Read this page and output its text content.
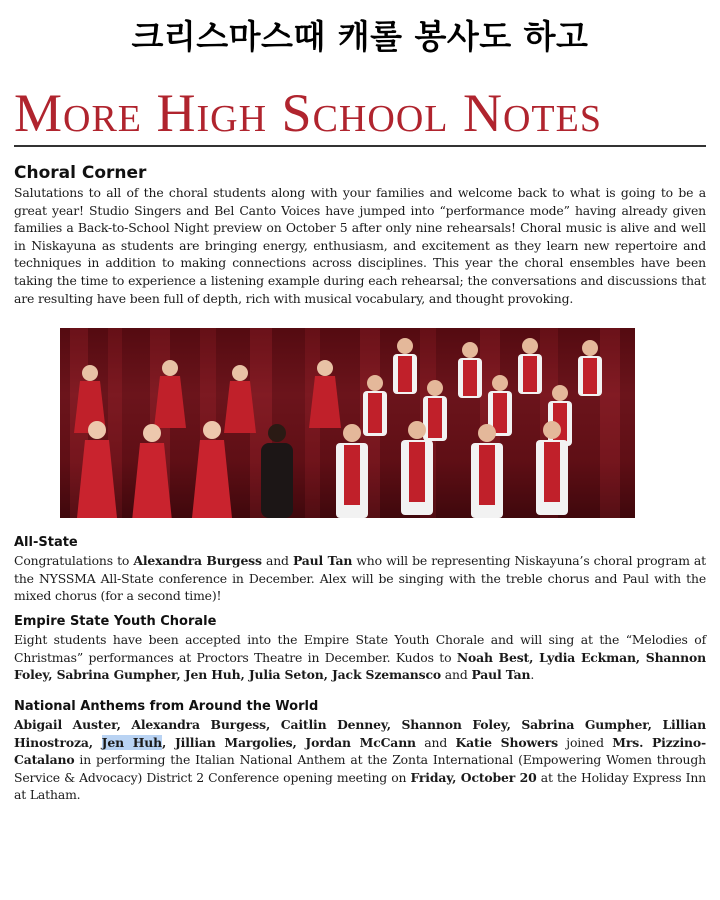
크리스마스때 캐롤 봉사도 하고
More High School Notes
Choral Corner

Salutations to all of the choral students along with your families and welcome back to what is going to be a great year! Studio Singers and Bel Canto Voices have jumped into “performance mode” having already given families a Back-to-School Night preview on October 5 after only nine rehearsals! Choral music is alive and well in Niskayuna as students are bringing energy, enthusiasm, and excitement as they learn new repertoire and techniques in addition to making connections across disciplines. This year the choral ensembles have been taking the time to experience a listening example during each rehearsal; the conversations and discussions that are resulting have been full of depth, rich with musical vocabulary, and thought provoking.

All-State

Congratulations to Alexandra Burgess and Paul Tan who will be representing Niskayuna’s choral program at the NYSSMA All-State conference in December. Alex will be singing with the treble chorus and Paul with the mixed chorus (for a second time)!

Empire State Youth Chorale

Eight students have been accepted into the Empire State Youth Chorale and will sing at the “Melodies of Christmas” performances at Proctors Theatre in December. Kudos to Noah Best, Lydia Eckman, Shannon Foley, Sabrina Gumpher, Jen Huh, Julia Seton, Jack Szemansco and Paul Tan.

National Anthems from Around the World

Abigail Auster, Alexandra Burgess, Caitlin Denney, Shannon Foley, Sabrina Gumpher, Lillian Hinostroza, Jen Huh, Jillian Margolies, Jordan McCann and Katie Showers joined Mrs. Pizzino-Catalano in performing the Italian National Anthem at the Zonta International (Empowering Women through Service & Advocacy) District 2 Conference opening meeting on Friday, October 20 at the Holiday Express Inn at Latham.
